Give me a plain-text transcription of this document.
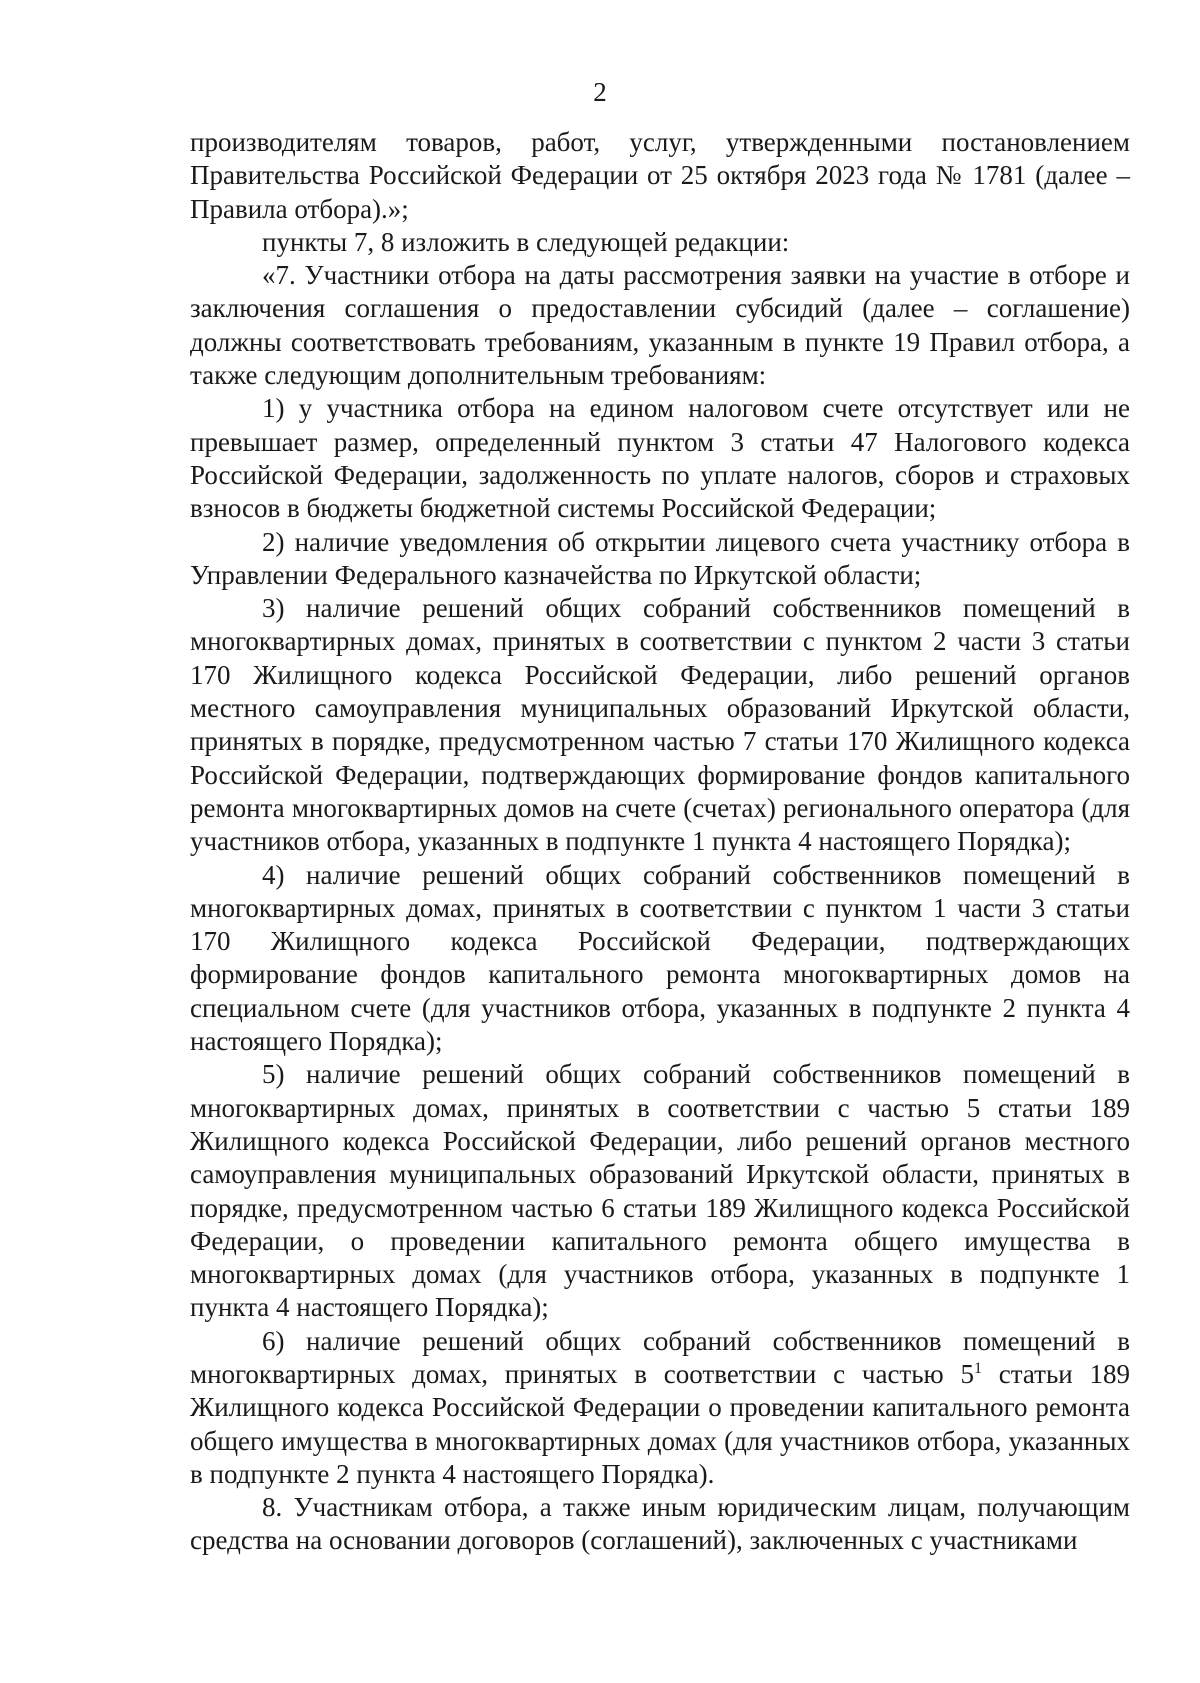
2

производителям товаров, работ, услуг, утвержденными постановлением Правительства Российской Федерации от 25 октября 2023 года № 1781 (далее – Правила отбора).»;

пункты 7, 8 изложить в следующей редакции:

«7. Участники отбора на даты рассмотрения заявки на участие в отборе и заключения соглашения о предоставлении субсидий (далее – соглашение) должны соответствовать требованиям, указанным в пункте 19 Правил отбора, а также следующим дополнительным требованиям:

1) у участника отбора на едином налоговом счете отсутствует или не превышает размер, определенный пунктом 3 статьи 47 Налогового кодекса Российской Федерации, задолженность по уплате налогов, сборов и страховых взносов в бюджеты бюджетной системы Российской Федерации;

2) наличие уведомления об открытии лицевого счета участнику отбора в Управлении Федерального казначейства по Иркутской области;

3) наличие решений общих собраний собственников помещений в многоквартирных домах, принятых в соответствии с пунктом 2 части 3 статьи 170 Жилищного кодекса Российской Федерации, либо решений органов местного самоуправления муниципальных образований Иркутской области, принятых в порядке, предусмотренном частью 7 статьи 170 Жилищного кодекса Российской Федерации, подтверждающих формирование фондов капитального ремонта многоквартирных домов на счете (счетах) регионального оператора (для участников отбора, указанных в подпункте 1 пункта 4 настоящего Порядка);

4) наличие решений общих собраний собственников помещений в многоквартирных домах, принятых в соответствии с пунктом 1 части 3 статьи 170 Жилищного кодекса Российской Федерации, подтверждающих формирование фондов капитального ремонта многоквартирных домов на специальном счете (для участников отбора, указанных в подпункте 2 пункта 4 настоящего Порядка);

5) наличие решений общих собраний собственников помещений в многоквартирных домах, принятых в соответствии с частью 5 статьи 189 Жилищного кодекса Российской Федерации, либо решений органов местного самоуправления муниципальных образований Иркутской области, принятых в порядке, предусмотренном частью 6 статьи 189 Жилищного кодекса Российской Федерации, о проведении капитального ремонта общего имущества в многоквартирных домах (для участников отбора, указанных в подпункте 1 пункта 4 настоящего Порядка);

6) наличие решений общих собраний собственников помещений в многоквартирных домах, принятых в соответствии с частью $5^1$ статьи 189 Жилищного кодекса Российской Федерации о проведении капитального ремонта общего имущества в многоквартирных домах (для участников отбора, указанных в подпункте 2 пункта 4 настоящего Порядка).

8. Участникам отбора, а также иным юридическим лицам, получающим средства на основании договоров (соглашений), заключенных с участниками
